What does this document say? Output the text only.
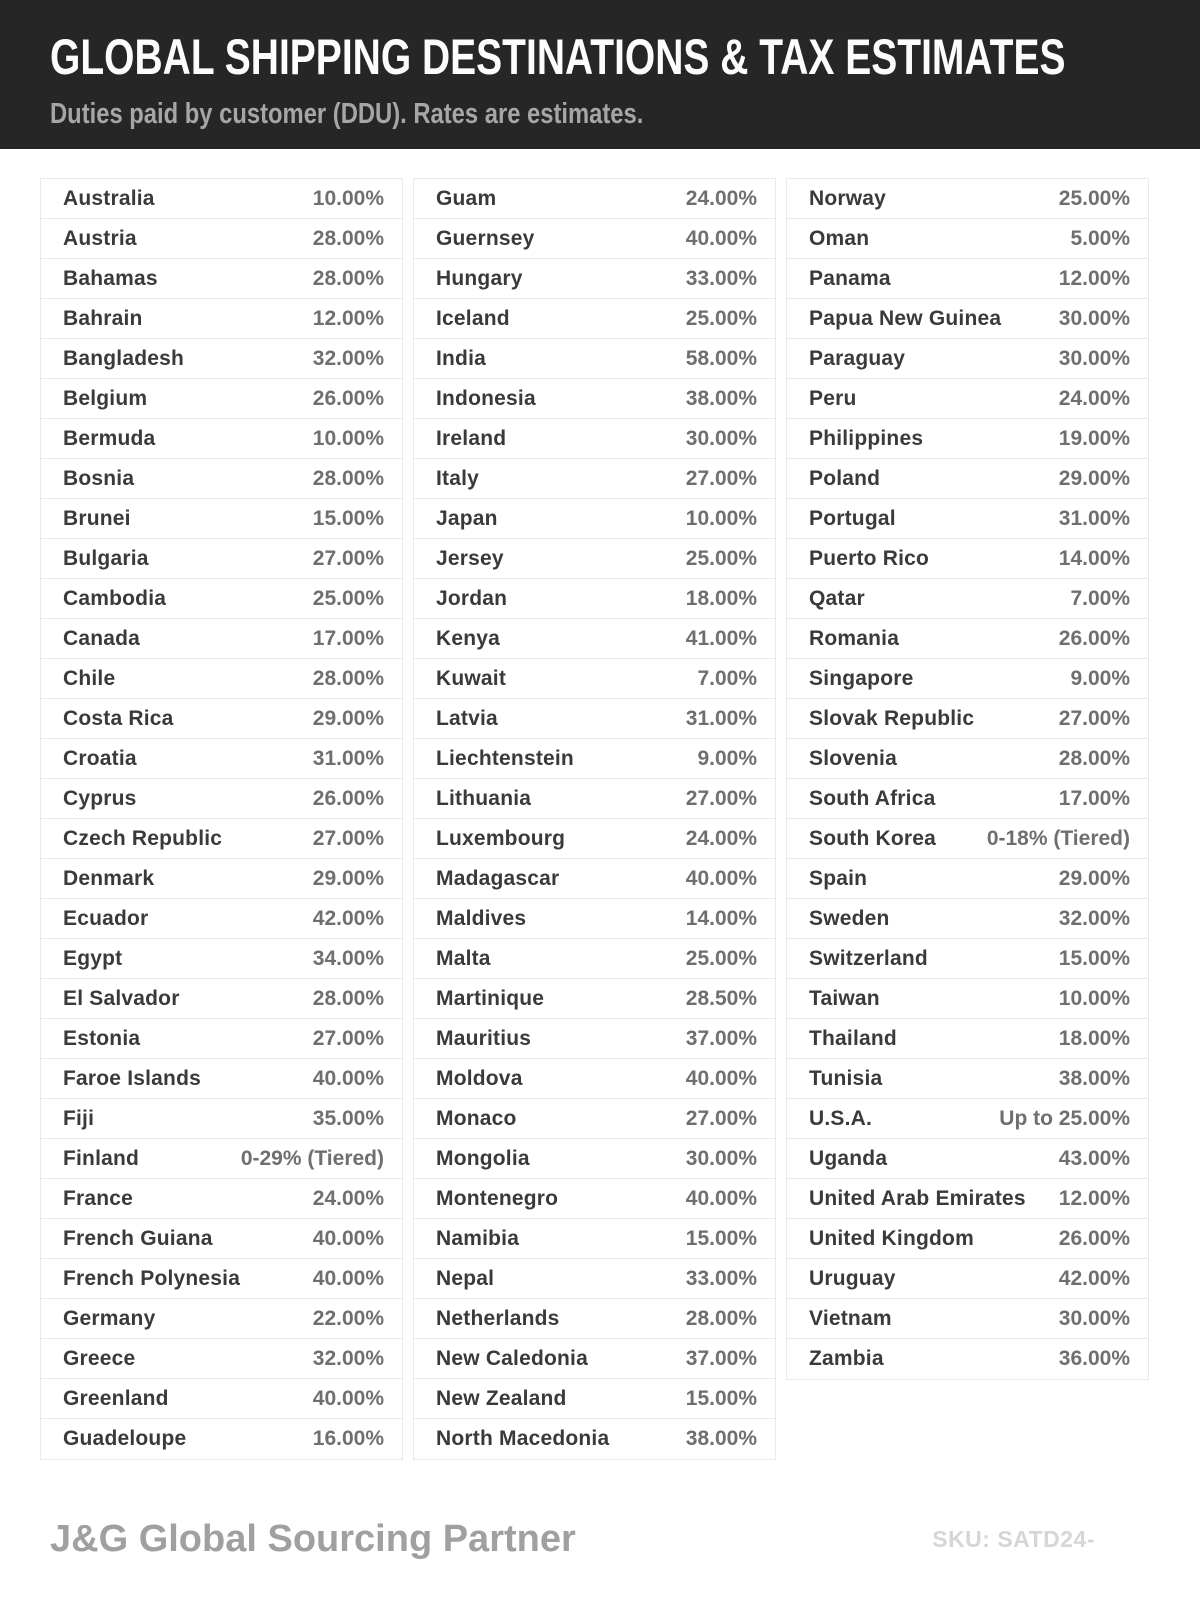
GLOBAL SHIPPING DESTINATIONS & TAX ESTIMATES

Duties paid by customer (DDU). Rates are estimates.

Australia	10.00%
Austria	28.00%
Bahamas	28.00%
Bahrain	12.00%
Bangladesh	32.00%
Belgium	26.00%
Bermuda	10.00%
Bosnia	28.00%
Brunei	15.00%
Bulgaria	27.00%
Cambodia	25.00%
Canada	17.00%
Chile	28.00%
Costa Rica	29.00%
Croatia	31.00%
Cyprus	26.00%
Czech Republic	27.00%
Denmark	29.00%
Ecuador	42.00%
Egypt	34.00%
El Salvador	28.00%
Estonia	27.00%
Faroe Islands	40.00%
Fiji	35.00%
Finland	0-29% (Tiered)
France	24.00%
French Guiana	40.00%
French Polynesia	40.00%
Germany	22.00%
Greece	32.00%
Greenland	40.00%
Guadeloupe	16.00%
Guam	24.00%
Guernsey	40.00%
Hungary	33.00%
Iceland	25.00%
India	58.00%
Indonesia	38.00%
Ireland	30.00%
Italy	27.00%
Japan	10.00%
Jersey	25.00%
Jordan	18.00%
Kenya	41.00%
Kuwait	7.00%
Latvia	31.00%
Liechtenstein	9.00%
Lithuania	27.00%
Luxembourg	24.00%
Madagascar	40.00%
Maldives	14.00%
Malta	25.00%
Martinique	28.50%
Mauritius	37.00%
Moldova	40.00%
Monaco	27.00%
Mongolia	30.00%
Montenegro	40.00%
Namibia	15.00%
Nepal	33.00%
Netherlands	28.00%
New Caledonia	37.00%
New Zealand	15.00%
North Macedonia	38.00%
Norway	25.00%
Oman	5.00%
Panama	12.00%
Papua New Guinea	30.00%
Paraguay	30.00%
Peru	24.00%
Philippines	19.00%
Poland	29.00%
Portugal	31.00%
Puerto Rico	14.00%
Qatar	7.00%
Romania	26.00%
Singapore	9.00%
Slovak Republic	27.00%
Slovenia	28.00%
South Africa	17.00%
South Korea 0-18% (Tiered)
Spain	29.00%
Sweden	32.00%
Switzerland	15.00%
Taiwan	10.00%
Thailand	18.00%
Tunisia	38.00%
U.S.A.	Up to 25.00%
Uganda	43.00%
United Arab Emirates 12.00%
United Kingdom	26.00%
Uruguay	42.00%
Vietnam	30.00%
Zambia	36.00%
J&G Global Sourcing Partner	SKU: SATD24-
